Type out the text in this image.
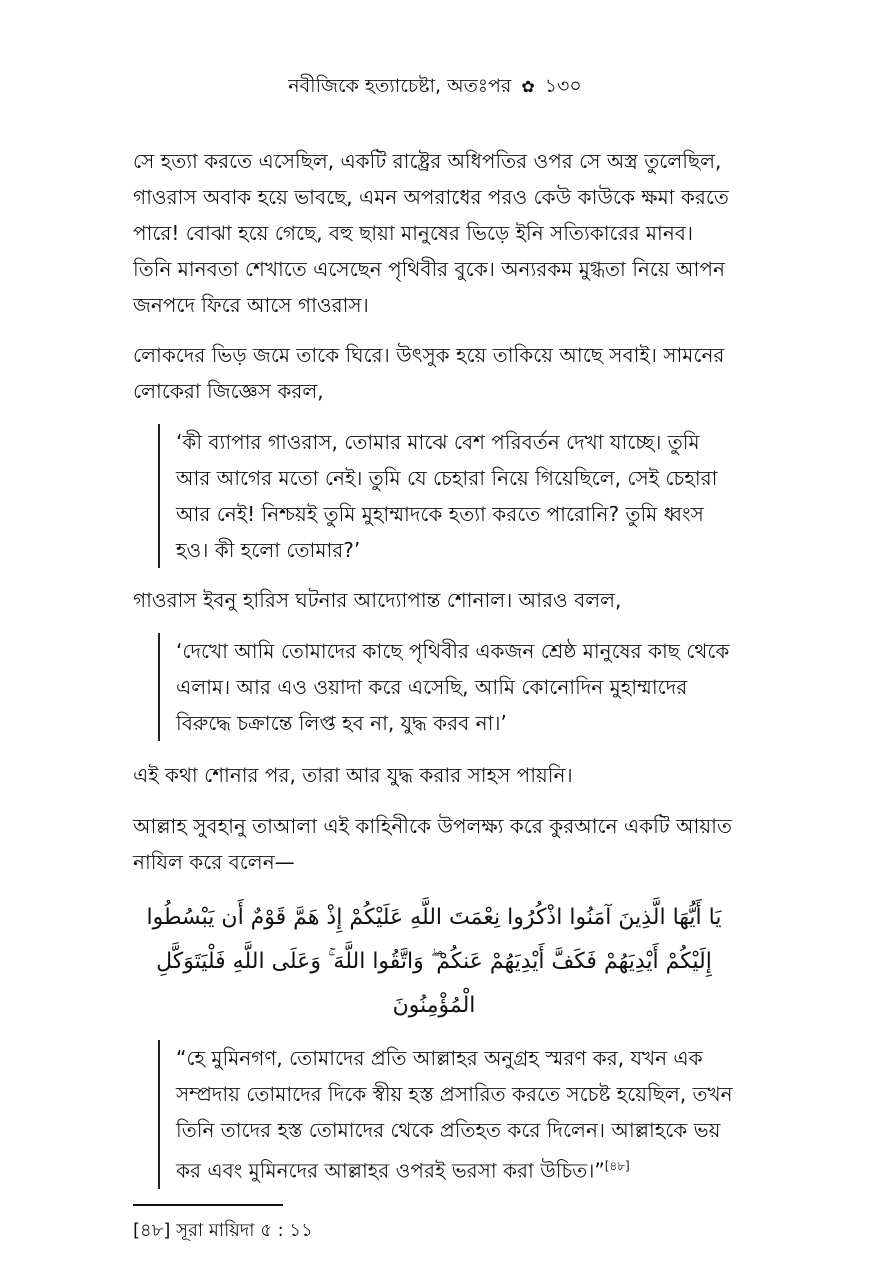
নবীজিকে হত্যাচেষ্টা, অতঃপর ✿ ১৩০

সে হত্যা করতে এসেছিল, একটি রাষ্ট্রের অধিপতির ওপর সে অস্ত্র তুলেছিল, গাওরাস অবাক হয়ে ভাবছে, এমন অপরাধের পরও কেউ কাউকে ক্ষমা করতে পারে! বোঝা হয়ে গেছে, বহু ছায়া মানুষের ভিড়ে ইনি সত্যিকারের মানব। তিনি মানবতা শেখাতে এসেছেন পৃথিবীর বুকে। অন্যরকম মুগ্ধতা নিয়ে আপন জনপদে ফিরে আসে গাওরাস।

লোকদের ভিড় জমে তাকে ঘিরে। উৎসুক হয়ে তাকিয়ে আছে সবাই। সামনের লোকেরা জিজ্ঞেস করল,

‘কী ব্যাপার গাওরাস, তোমার মাঝে বেশ পরিবর্তন দেখা যাচ্ছে। তুমি আর আগের মতো নেই। তুমি যে চেহারা নিয়ে গিয়েছিলে, সেই চেহারা আর নেই! নিশ্চয়ই তুমি মুহাম্মাদকে হত্যা করতে পারোনি? তুমি ধ্বংস হও। কী হলো তোমার?’

গাওরাস ইবনু হারিস ঘটনার আদ্যোপান্ত শোনাল। আরও বলল,

‘দেখো আমি তোমাদের কাছে পৃথিবীর একজন শ্রেষ্ঠ মানুষের কাছ থেকে এলাম। আর এও ওয়াদা করে এসেছি, আমি কোনোদিন মুহাম্মাদের বিরুদ্ধে চক্রান্তে লিপ্ত হব না, যুদ্ধ করব না।’

এই কথা শোনার পর, তারা আর যুদ্ধ করার সাহস পায়নি।

আল্লাহ সুবহানু তাআলা এই কাহিনীকে উপলক্ষ্য করে কুরআনে একটি আয়াত নাযিল করে বলেন—

يَا أَيُّهَا الَّذِينَ آمَنُوا اذْكُرُوا نِعْمَتَ اللَّهِ عَلَيْكُمْ إِذْ هَمَّ قَوْمٌ أَن يَبْسُطُوا إِلَيْكُمْ أَيْدِيَهُمْ فَكَفَّ أَيْدِيَهُمْ عَنكُمْ ۖ وَاتَّقُوا اللَّهَ ۚ وَعَلَى اللَّهِ فَلْيَتَوَكَّلِ الْمُؤْمِنُونَ
“হে মুমিনগণ, তোমাদের প্রতি আল্লাহর অনুগ্রহ স্মরণ কর, যখন এক সম্প্রদায় তোমাদের দিকে স্বীয় হস্ত প্রসারিত করতে সচেষ্ট হয়েছিল, তখন তিনি তাদের হস্ত তোমাদের থেকে প্রতিহত করে দিলেন। আল্লাহকে ভয় কর এবং মুমিনদের আল্লাহর ওপরই ভরসা করা উচিত।”[৪৮]
[৪৮] সূরা মায়িদা ৫ : ১১
